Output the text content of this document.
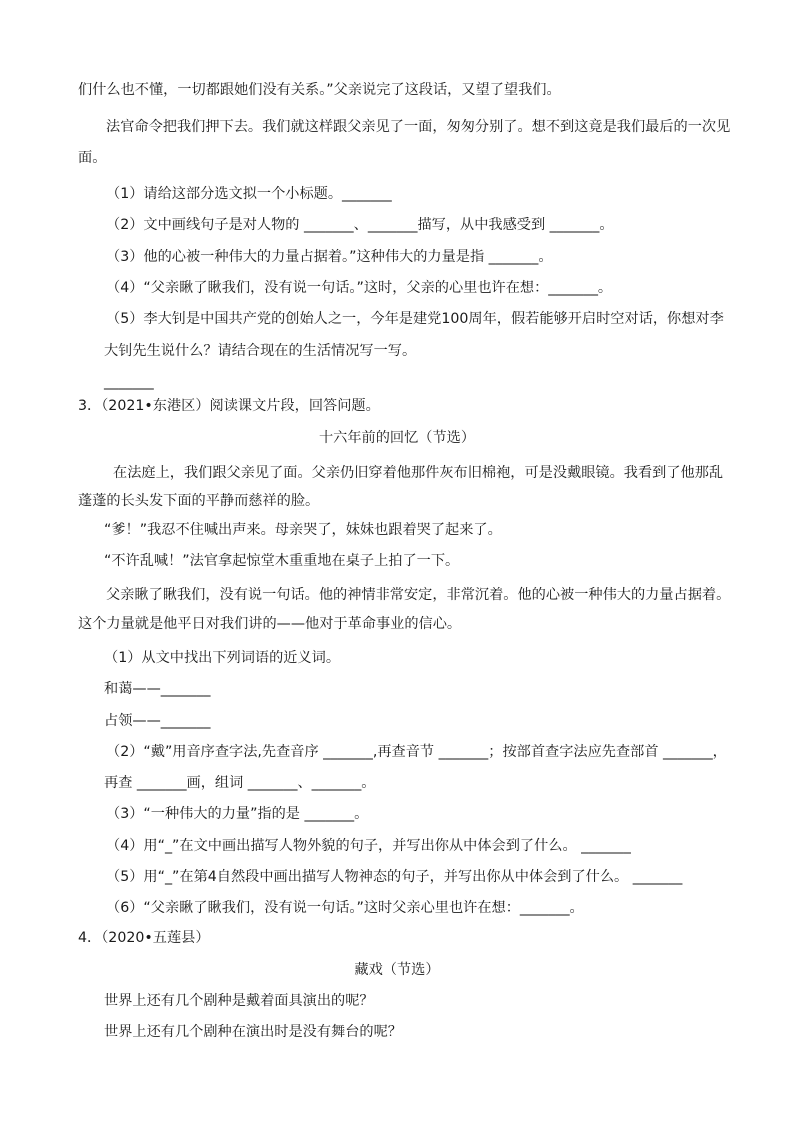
们什么也不懂，一切都跟她们没有关系。”父亲说完了这段话，又望了望我们。
法官命令把我们押下去。我们就这样跟父亲见了一面，匆匆分别了。想不到这竟是我们最后的一次见
面。
（1）请给这部分选文拟一个小标题。_______
（2）文中画线句子是对人物的 _______、_______描写，从中我感受到 _______。
（3）他的心被一种伟大的力量占据着。”这种伟大的力量是指 _______。
（4）“父亲瞅了瞅我们，没有说一句话。”这时，父亲的心里也许在想：_______。
（5）李大钊是中国共产党的创始人之一，今年是建党100周年，假若能够开启时空对话，你想对李
大钊先生说什么？请结合现在的生活情况写一写。
_______
3．（2021•东港区）阅读课文片段，回答问题。
十六年前的回忆（节选）
在法庭上，我们跟父亲见了面。父亲仍旧穿着他那件灰布旧棉袍，可是没戴眼镜。我看到了他那乱
蓬蓬的长头发下面的平静而慈祥的脸。
“爹！”我忍不住喊出声来。母亲哭了，妹妹也跟着哭了起来了。
“不许乱喊！”法官拿起惊堂木重重地在桌子上拍了一下。
父亲瞅了瞅我们，没有说一句话。他的神情非常安定，非常沉着。他的心被一种伟大的力量占据着。
这个力量就是他平日对我们讲的——他对于革命事业的信心。
（1）从文中找出下列词语的近义词。
和蔼——_______
占领——_______
（2）“戴”用音序查字法,先查音序 _______,再查音节 _______；按部首查字法应先查部首 _______，
再查 _______画，组词 _______、_______。
（3）“一种伟大的力量”指的是 _______。
（4）用“_”在文中画出描写人物外貌的句子，并写出你从中体会到了什么。 _______
（5）用“_”在第4自然段中画出描写人物神态的句子，并写出你从中体会到了什么。 _______
（6）“父亲瞅了瞅我们，没有说一句话。”这时父亲心里也许在想：_______。
4．（2020•五莲县）
藏戏（节选）
世界上还有几个剧种是戴着面具演出的呢？
世界上还有几个剧种在演出时是没有舞台的呢？
